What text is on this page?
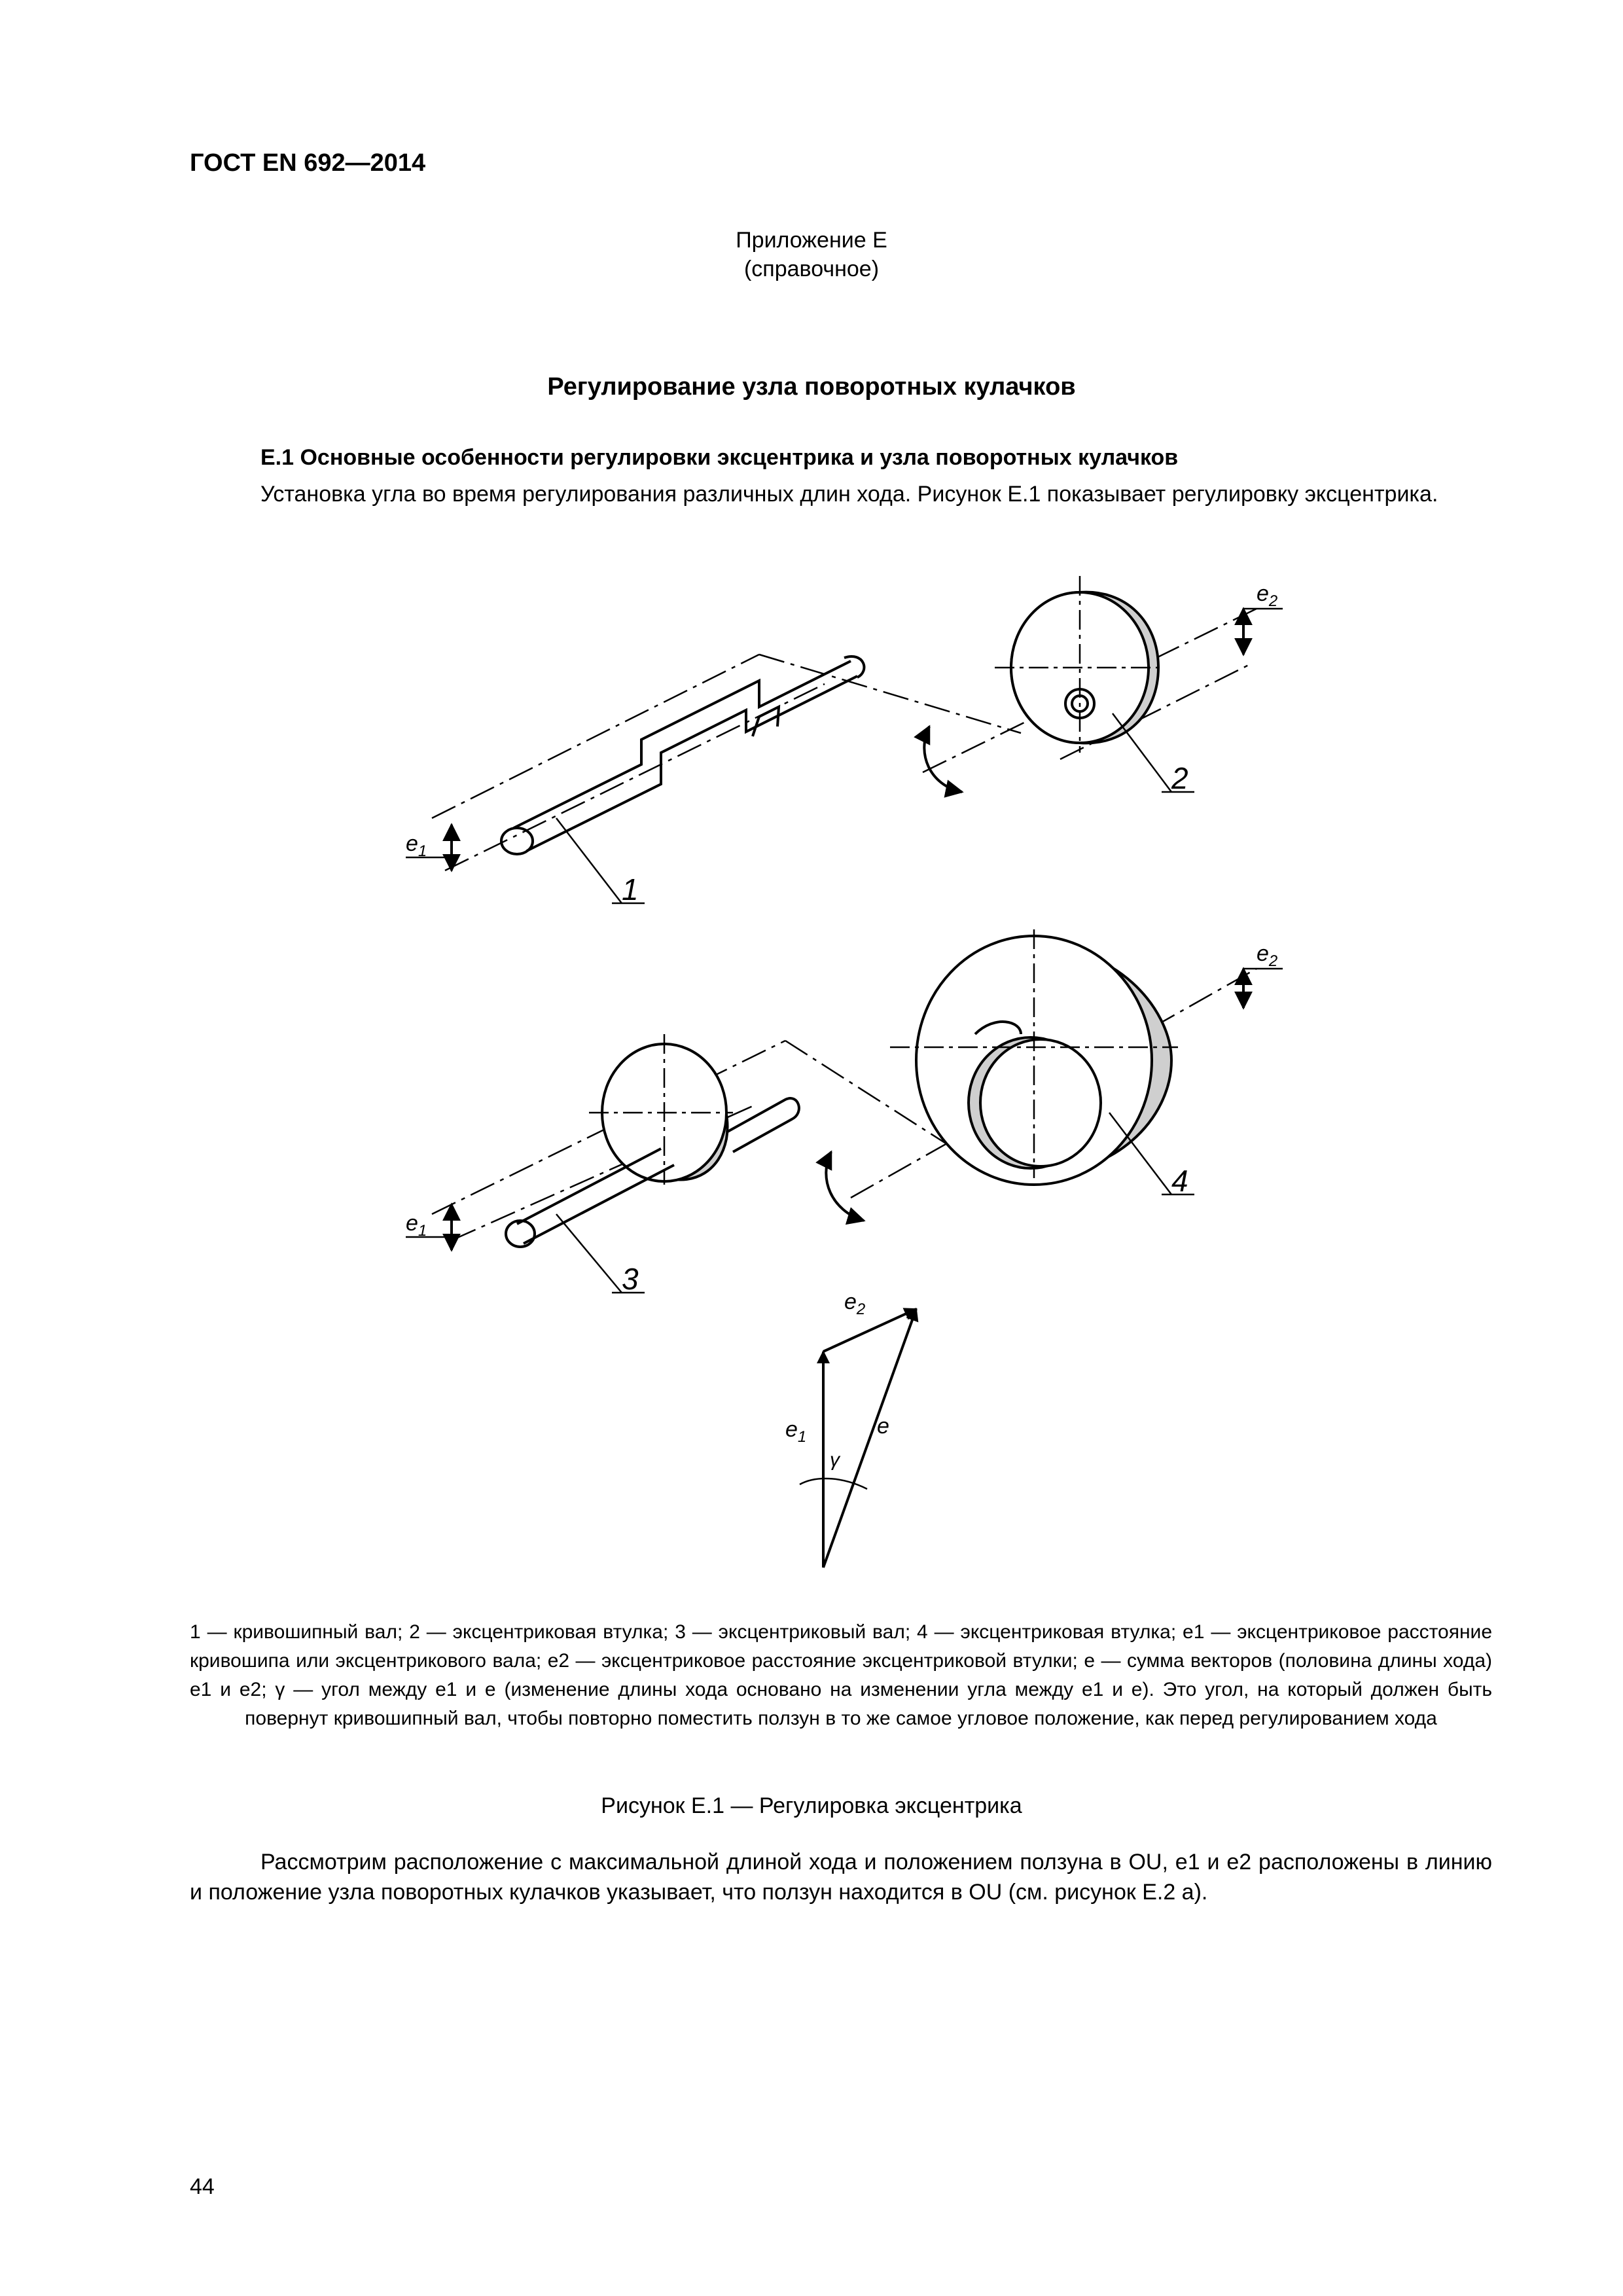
ГОСТ EN 692—2014
Приложение Е
(справочное)
Регулирование узла поворотных кулачков
Е.1 Основные особенности регулировки эксцентрика и узла поворотных кулачков
Установка угла во время регулирования различных длин хода. Рисунок Е.1 показывает регулировку эксцентрика.
1
2
$e_1$
$e_2$
3
4
$e_1$
$e_2$
$e_2$
$e_1$	e
γ
1 — кривошипный вал; 2 — эксцентриковая втулка; 3 — эксцентриковый вал; 4 — эксцентриковая втулка; e1 — эксцентриковое расстояние кривошипа или эксцентрикового вала; e2 — эксцентриковое расстояние эксцентриковой втулки; e — сумма векторов (половина длины хода) e1 и e2; γ — угол между e1 и e (изменение длины хода основано на изменении угла между e1 и e). Это угол, на который должен быть повернут кривошипный вал, чтобы повторно поместить ползун в то же самое угловое положение, как перед регулированием хода
Рисунок Е.1 — Регулировка эксцентрика
Рассмотрим расположение с максимальной длиной хода и положением ползуна в OU, e1 и e2 расположены в линию и положение узла поворотных кулачков указывает, что ползун находится в OU (см. рисунок Е.2 а).
44
